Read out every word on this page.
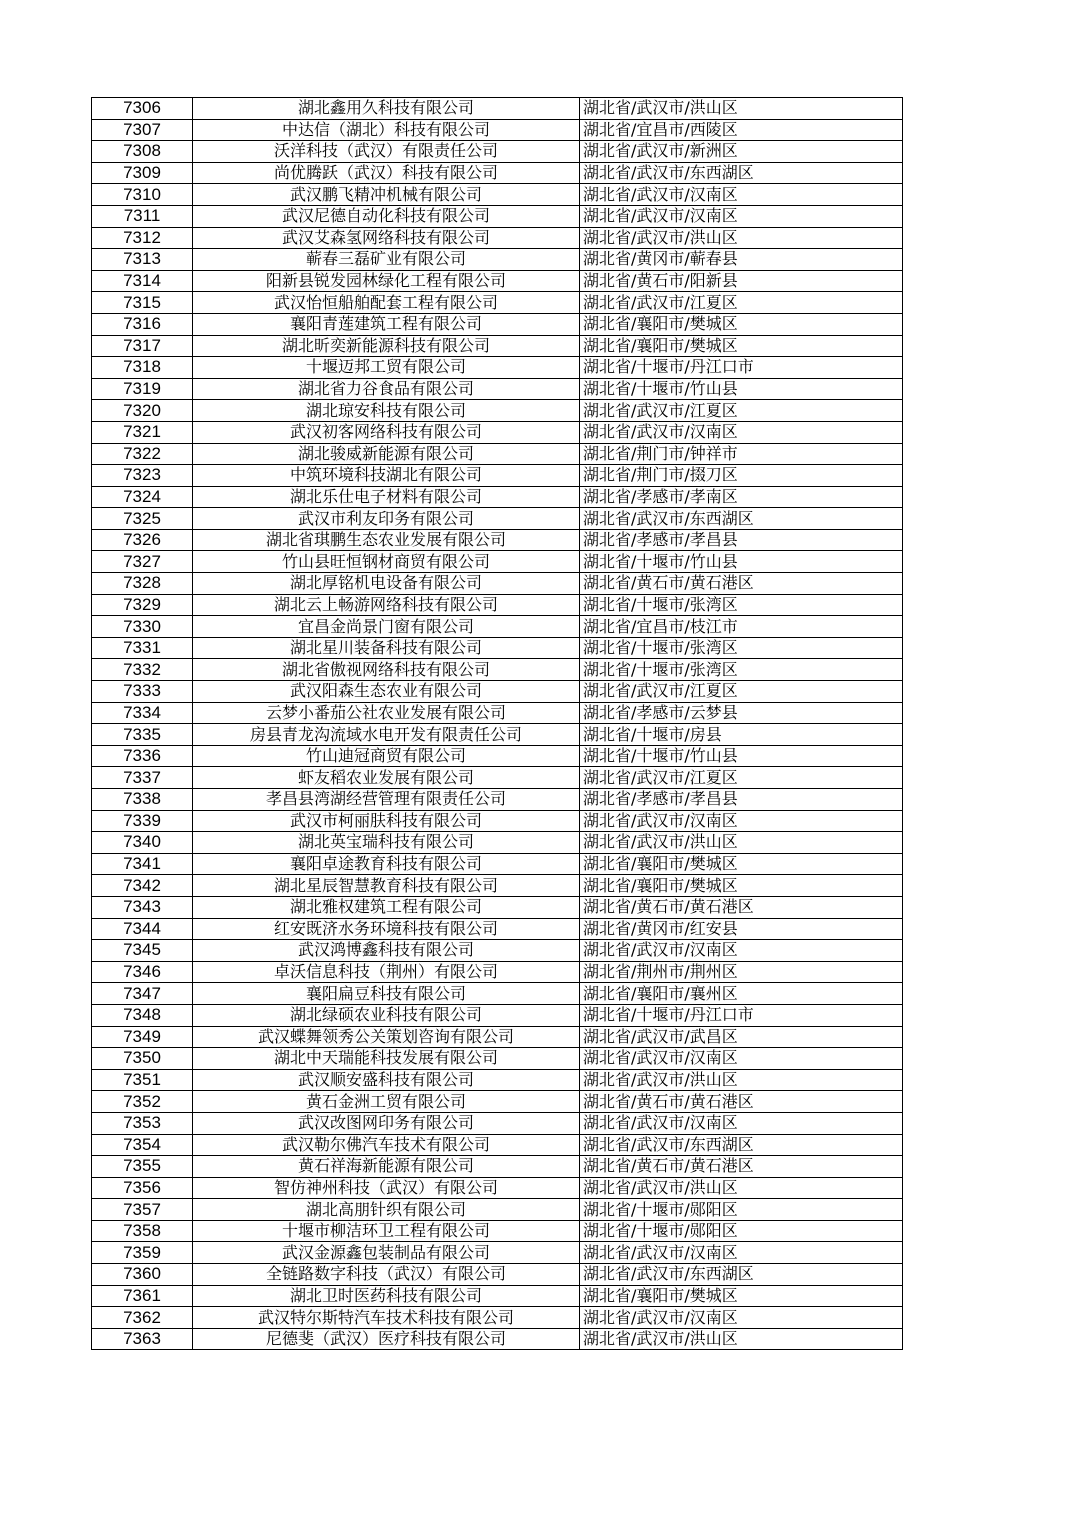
7306	湖北鑫用久科技有限公司	湖北省/武汉市/洪山区
7307	中达信（湖北）科技有限公司	湖北省/宜昌市/西陵区
7308	沃洋科技（武汉）有限责任公司	湖北省/武汉市/新洲区
7309	尚优腾跃（武汉）科技有限公司	湖北省/武汉市/东西湖区
7310	武汉鹏飞精冲机械有限公司	湖北省/武汉市/汉南区
7311	武汉尼德自动化科技有限公司	湖北省/武汉市/汉南区
7312	武汉艾森氢网络科技有限公司	湖北省/武汉市/洪山区
7313	蕲春三磊矿业有限公司	湖北省/黄冈市/蕲春县
7314	阳新县锐发园林绿化工程有限公司	湖北省/黄石市/阳新县
7315	武汉怡恒船舶配套工程有限公司	湖北省/武汉市/江夏区
7316	襄阳青莲建筑工程有限公司	湖北省/襄阳市/樊城区
7317	湖北昕奕新能源科技有限公司	湖北省/襄阳市/樊城区
7318	十堰迈邦工贸有限公司	湖北省/十堰市/丹江口市
7319	湖北省力谷食品有限公司	湖北省/十堰市/竹山县
7320	湖北琼安科技有限公司	湖北省/武汉市/江夏区
7321	武汉初客网络科技有限公司	湖北省/武汉市/汉南区
7322	湖北骏威新能源有限公司	湖北省/荆门市/钟祥市
7323	中筑环境科技湖北有限公司	湖北省/荆门市/掇刀区
7324	湖北乐仕电子材料有限公司	湖北省/孝感市/孝南区
7325	武汉市利友印务有限公司	湖北省/武汉市/东西湖区
7326	湖北省琪鹏生态农业发展有限公司	湖北省/孝感市/孝昌县
7327	竹山县旺恒钢材商贸有限公司	湖北省/十堰市/竹山县
7328	湖北厚铭机电设备有限公司	湖北省/黄石市/黄石港区
7329	湖北云上畅游网络科技有限公司	湖北省/十堰市/张湾区
7330	宜昌金尚景门窗有限公司	湖北省/宜昌市/枝江市
7331	湖北星川装备科技有限公司	湖北省/十堰市/张湾区
7332	湖北省傲视网络科技有限公司	湖北省/十堰市/张湾区
7333	武汉阳森生态农业有限公司	湖北省/武汉市/江夏区
7334	云梦小番茄公社农业发展有限公司	湖北省/孝感市/云梦县
7335	房县青龙沟流域水电开发有限责任公司	湖北省/十堰市/房县
7336	竹山迪冠商贸有限公司	湖北省/十堰市/竹山县
7337	虾友稻农业发展有限公司	湖北省/武汉市/江夏区
7338	孝昌县湾湖经营管理有限责任公司	湖北省/孝感市/孝昌县
7339	武汉市柯丽肤科技有限公司	湖北省/武汉市/汉南区
7340	湖北英宝瑞科技有限公司	湖北省/武汉市/洪山区
7341	襄阳卓途教育科技有限公司	湖北省/襄阳市/樊城区
7342	湖北星辰智慧教育科技有限公司	湖北省/襄阳市/樊城区
7343	湖北雅权建筑工程有限公司	湖北省/黄石市/黄石港区
7344	红安既济水务环境科技有限公司	湖北省/黄冈市/红安县
7345	武汉鸿博鑫科技有限公司	湖北省/武汉市/汉南区
7346	卓沃信息科技（荆州）有限公司	湖北省/荆州市/荆州区
7347	襄阳扁豆科技有限公司	湖北省/襄阳市/襄州区
7348	湖北绿硕农业科技有限公司	湖北省/十堰市/丹江口市
7349	武汉蝶舞领秀公关策划咨询有限公司	湖北省/武汉市/武昌区
7350	湖北中天瑞能科技发展有限公司	湖北省/武汉市/汉南区
7351	武汉顺安盛科技有限公司	湖北省/武汉市/洪山区
7352	黄石金洲工贸有限公司	湖北省/黄石市/黄石港区
7353	武汉改图网印务有限公司	湖北省/武汉市/汉南区
7354	武汉勒尔佛汽车技术有限公司	湖北省/武汉市/东西湖区
7355	黄石祥海新能源有限公司	湖北省/黄石市/黄石港区
7356	智仿神州科技（武汉）有限公司	湖北省/武汉市/洪山区
7357	湖北高朋针织有限公司	湖北省/十堰市/郧阳区
7358	十堰市柳洁环卫工程有限公司	湖北省/十堰市/郧阳区
7359	武汉金源鑫包装制品有限公司	湖北省/武汉市/汉南区
7360	全链路数字科技（武汉）有限公司	湖北省/武汉市/东西湖区
7361	湖北卫时医药科技有限公司	湖北省/襄阳市/樊城区
7362	武汉特尔斯特汽车技术科技有限公司	湖北省/武汉市/汉南区
7363	尼德斐（武汉）医疗科技有限公司	湖北省/武汉市/洪山区
